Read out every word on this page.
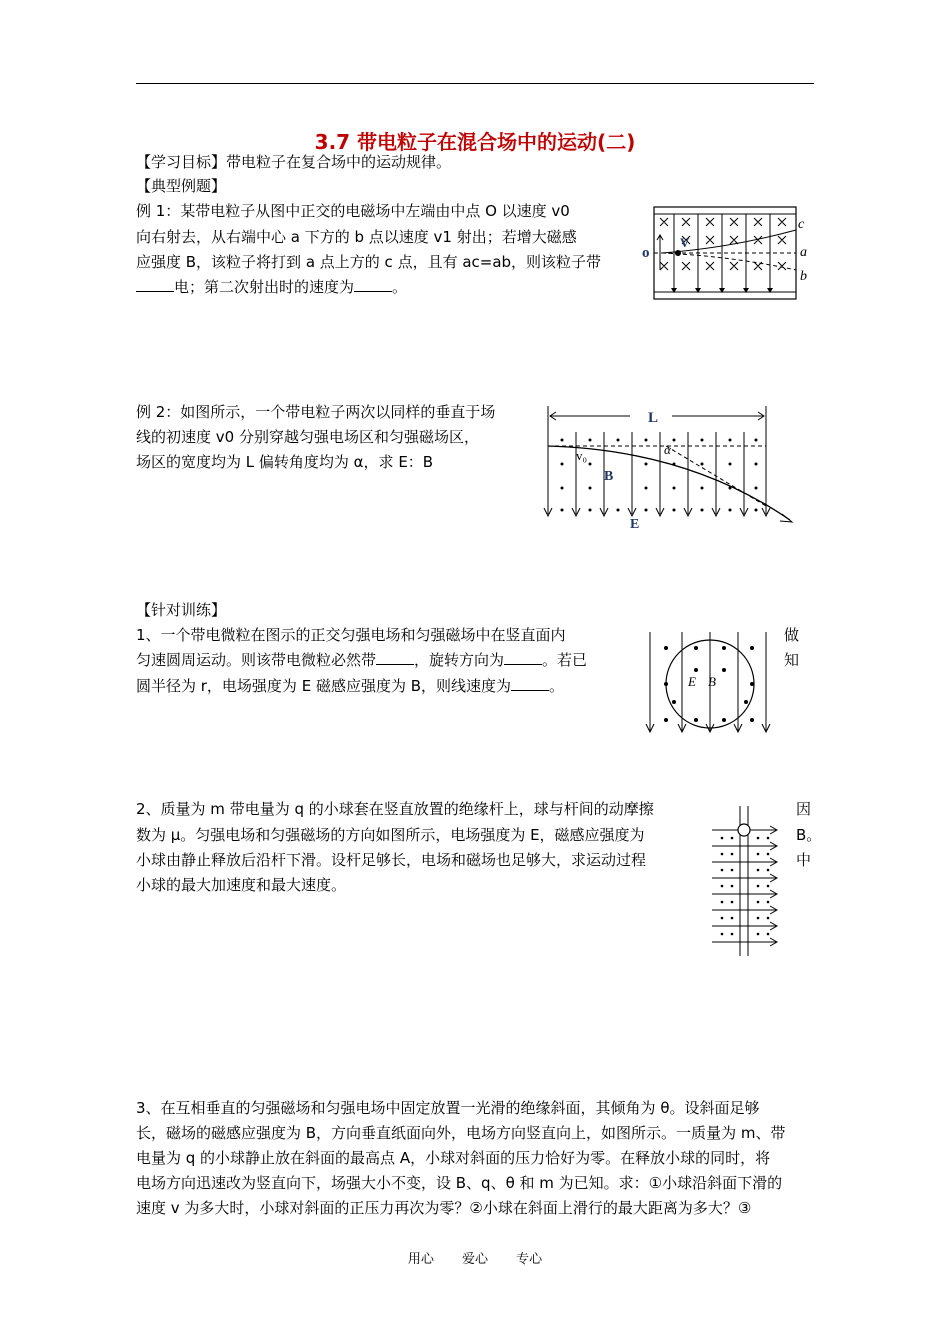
3.7 带电粒子在混合场中的运动(二)
【学习目标】带电粒子在复合场中的运动规律。
【典型例题】
例 1：某带电粒子从图中正交的电磁场中左端由中点 O 以速度 v0
向右射去，从右端中心 a 下方的 b 点以速度 v1 射出；若增大磁感
应强度 B，该粒子将打到 a 点上方的 c 点，且有 ac=ab，则该粒子带
电；第二次射出时的速度为	。
c
a
b
o
V
例 2：如图所示，一个带电粒子两次以同样的垂直于场
线的初速度 v0 分别穿越匀强电场区和匀强磁场区，
场区的宽度均为 L 偏转角度均为 α，求 E：B
L
α
v₀
B
E
【针对训练】
1、一个带电微粒在图示的正交匀强电场和匀强磁场中在竖直面内	做
匀速圆周运动。则该带电微粒必然带	，旋转方向为	。若已	知
圆半径为 r，电场强度为 E 磁感应强度为 B，则线速度为	。	E B
2、质量为 m 带电量为 q 的小球套在竖直放置的绝缘杆上，球与杆间的动摩擦	因
数为 μ。匀强电场和匀强磁场的方向如图所示，电场强度为 E，磁感应强度为	B。
小球由静止释放后沿杆下滑。设杆足够长，电场和磁场也足够大，求运动过程	中
小球的最大加速度和最大速度。
3、在互相垂直的匀强磁场和匀强电场中固定放置一光滑的绝缘斜面，其倾角为 θ。设斜面足够
长，磁场的磁感应强度为 B，方向垂直纸面向外，电场方向竖直向上，如图所示。一质量为 m、带
电量为 q 的小球静止放在斜面的最高点 A，小球对斜面的压力恰好为零。在释放小球的同时，将
电场方向迅速改为竖直向下，场强大小不变，设 B、q、θ 和 m 为已知。求：①小球沿斜面下滑的
速度 v 为多大时，小球对斜面的正压力再次为零？②小球在斜面上滑行的最大距离为多大？③
用心 爱心 专心
